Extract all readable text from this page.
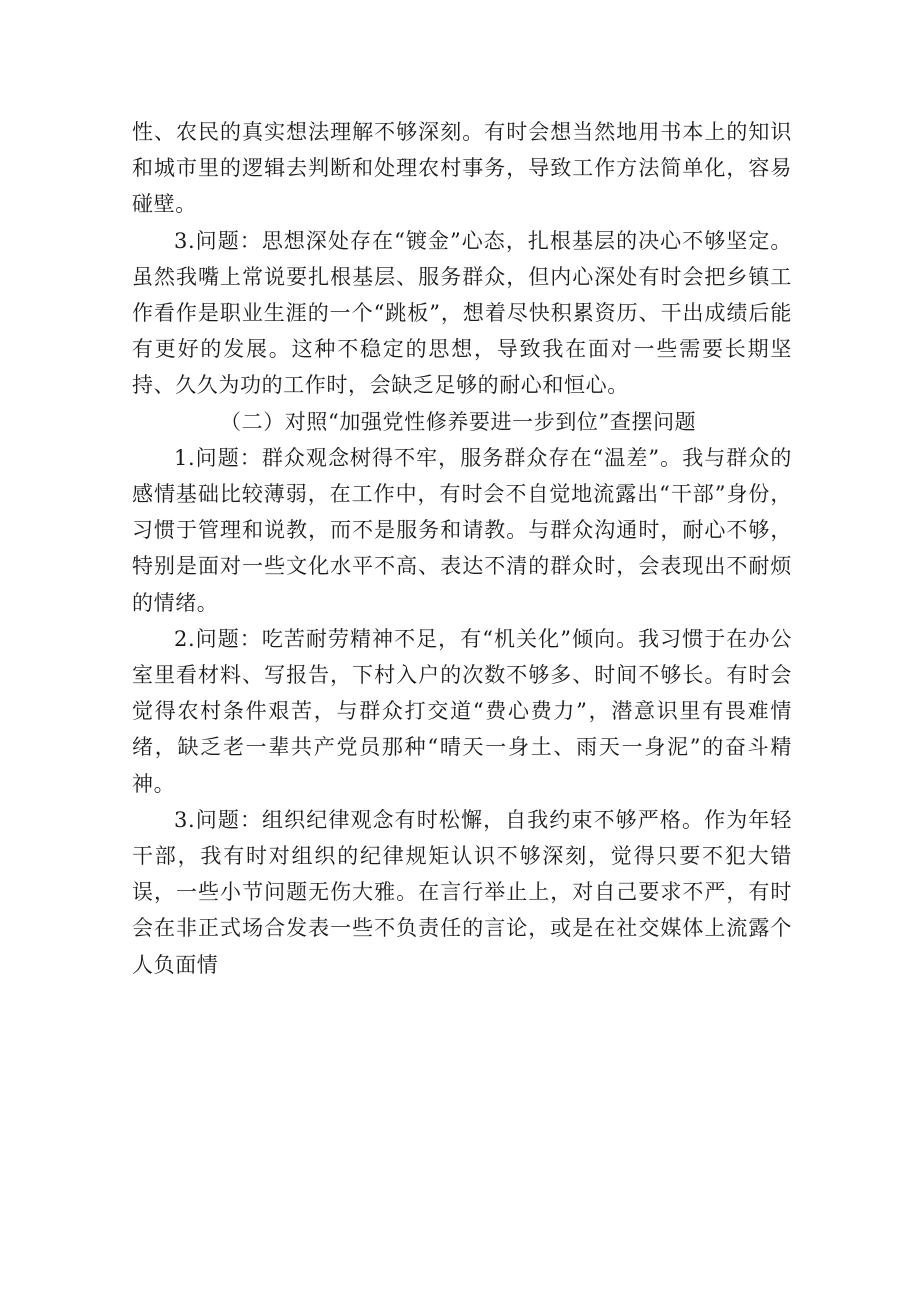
性、农民的真实想法理解不够深刻。有时会想当然地用书本上的知识和城市里的逻辑去判断和处理农村事务，导致工作方法简单化，容易碰壁。

3.问题：思想深处存在“镀金”心态，扎根基层的决心不够坚定。虽然我嘴上常说要扎根基层、服务群众，但内心深处有时会把乡镇工作看作是职业生涯的一个“跳板”，想着尽快积累资历、干出成绩后能有更好的发展。这种不稳定的思想，导致我在面对一些需要长期坚持、久久为功的工作时，会缺乏足够的耐心和恒心。

（二）对照“加强党性修养要进一步到位”查摆问题

1.问题：群众观念树得不牢，服务群众存在“温差”。我与群众的感情基础比较薄弱，在工作中，有时会不自觉地流露出“干部”身份，习惯于管理和说教，而不是服务和请教。与群众沟通时，耐心不够，特别是面对一些文化水平不高、表达不清的群众时，会表现出不耐烦的情绪。

2.问题：吃苦耐劳精神不足，有“机关化”倾向。我习惯于在办公室里看材料、写报告，下村入户的次数不够多、时间不够长。有时会觉得农村条件艰苦，与群众打交道“费心费力”，潜意识里有畏难情绪，缺乏老一辈共产党员那种“晴天一身土、雨天一身泥”的奋斗精神。

3.问题：组织纪律观念有时松懈，自我约束不够严格。作为年轻干部，我有时对组织的纪律规矩认识不够深刻，觉得只要不犯大错误，一些小节问题无伤大雅。在言行举止上，对自己要求不严，有时会在非正式场合发表一些不负责任的言论，或是在社交媒体上流露个人负面情
